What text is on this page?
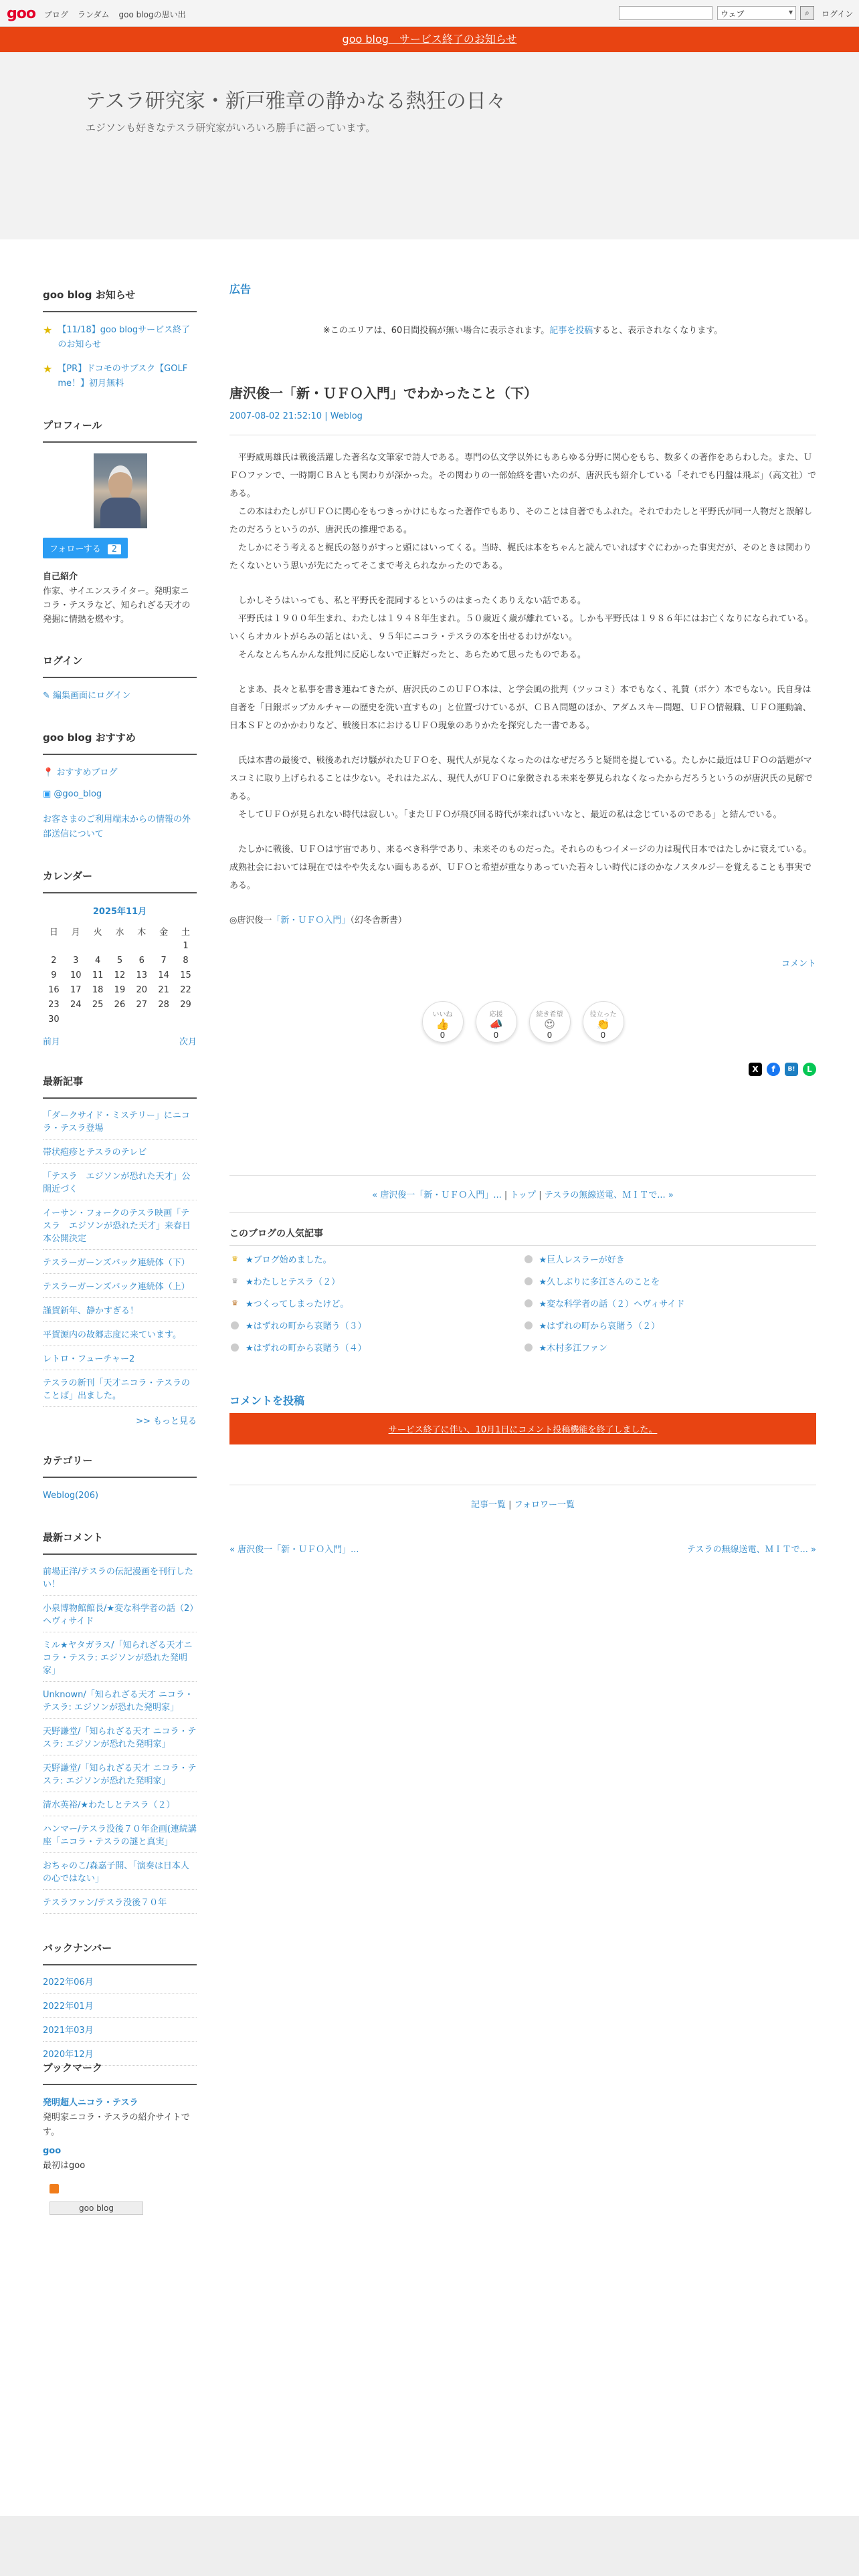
goo ブログ ランダム goo blogの思い出	ウェブ ▾	⌕	ログイン
goo blog　サービス終了のお知らせ
テスラ研究家・新戸雅章の静かなる熱狂の日々
エジソンも好きなテスラ研究家がいろいろ勝手に語っています。
goo blog お知らせ
★ 【11/18】goo blogサービス終了のお知らせ
★ 【PR】ドコモのサブスク【GOLF me！】初月無料
プロフィール
フォローする 2
自己紹介
作家、サイエンスライター。発明家ニコラ・テスラなど、知られざる天才の発掘に情熱を燃やす。
ログイン
✎ 編集画面にログイン
goo blog おすすめ
📍 おすすめブログ
▣ @goo_blog
お客さまのご利用端末からの情報の外部送信について
カレンダー
2025年11月
日	月	火	水	木	金	土
						1
2	3	4	5	6	7	8
9	10	11	12	13	14	15
16	17	18	19	20	21	22
23	24	25	26	27	28	29
30						
前月	次月
最新記事
「ダークサイド・ミステリー」にニコラ・テスラ登場
帯状疱疹とテスラのテレビ
「テスラ　エジソンが恐れた天才」公開近づく
イーサン・フォークのテスラ映画「テスラ　エジソンが恐れた天才」来春日本公開決定
テスラーガーンズバック連続体（下）
テスラーガーンズバック連続体（上）
謹賀新年、静かすぎる！
平賀源内の故郷志度に来ています。
レトロ・フューチャー2
テスラの新刊「天才ニコラ・テスラのことば」出ました。
>> もっと見る
カテゴリー
Weblog(206)
最新コメント
前場正洋/テスラの伝記漫画を刊行したい！
小泉博物館館長/★変な科学者の話（2）ヘヴィサイド
ミル★ヤタガラス/「知られざる天才ニコラ・テスラ: エジソンが恐れた発明家」
Unknown/「知られざる天才 ニコラ・テスラ: エジソンが恐れた発明家」
天野謙堂/「知られざる天才 ニコラ・テスラ: エジソンが恐れた発明家」
天野謙堂/「知られざる天才 ニコラ・テスラ: エジソンが恐れた発明家」
清水英裕/★わたしとテスラ（２）
ハンマー/テスラ没後７０年企画(連続講座「ニコラ・テスラの謎と真実」
おちゃのこ/森嘉子開、「演奏は日本人の心ではない」
テスラファン/テスラ没後７０年
バックナンバー
2022年06月
2022年01月
2021年03月
2020年12月
ブックマーク
発明超人ニコラ・テスラ
発明家ニコラ・テスラの紹介サイトです。
goo
最初はgoo
goo blog
広告
※このエリアは、60日間投稿が無い場合に表示されます。記事を投稿すると、表示されなくなります。
唐沢俊一「新・ＵＦＯ入門」でわかったこと（下）
2007-08-02 21:52:10 | Weblog

　平野威馬雄氏は戦後活躍した著名な文筆家で詩人である。専門の仏文学以外にもあらゆる分野に関心をもち、数多くの著作をあらわした。また、ＵＦＯファンで、一時期ＣＢＡとも関わりが深かった。その関わりの一部始終を書いたのが、唐沢氏も紹介している「それでも円盤は飛ぶ」（高文社）である。
　この本はわたしがＵＦＯに関心をもつきっかけにもなった著作でもあり、そのことは自著でもふれた。それでわたしと平野氏が同一人物だと誤解したのだろうというのが、唐沢氏の推理である。
　たしかにそう考えると梶氏の怒りがすっと頭にはいってくる。当時、梶氏は本をちゃんと読んでいればすぐにわかった事実だが、そのときは関わりたくないという思いが先にたってそこまで考えられなかったのである。

　しかしそうはいっても、私と平野氏を混同するというのはまったくありえない話である。
　平野氏は１９００年生まれ、わたしは１９４８年生まれ。５０歳近く歳が離れている。しかも平野氏は１９８６年にはお亡くなりになられている。いくらオカルトがらみの話とはいえ、９５年にニコラ・テスラの本を出せるわけがない。
　そんなとんちんかんな批判に反応しないで正解だったと、あらためて思ったものである。

　とまあ、長々と私事を書き連ねてきたが、唐沢氏のこのＵＦＯ本は、と学会風の批判（ツッコミ）本でもなく、礼賛（ボケ）本でもない。氏自身は自著を「日銀ポップカルチャーの歴史を洗い直すもの」と位置づけているが、ＣＢＡ問題のほか、アダムスキー問題、ＵＦＯ情報職、ＵＦＯ運動論、日本ＳＦとのかかわりなど、戦後日本におけるＵＦＯ現象のありかたを探究した一書である。

　氏は本書の最後で、戦後あれだけ騒がれたＵＦＯを、現代人が見なくなったのはなぜだろうと疑問を提している。たしかに最近はＵＦＯの話題がマスコミに取り上げられることは少ない。それはたぶん、現代人がＵＦＯに象徴される未来を夢見られなくなったからだろうというのが唐沢氏の見解である。
　そしてＵＦＯが見られない時代は寂しい。「またＵＦＯが飛び回る時代が来ればいいなと、最近の私は念じているのである」と結んでいる。

　たしかに戦後、ＵＦＯは宇宙であり、来るべき科学であり、未来そのものだった。それらのもつイメージの力は現代日本ではたしかに衰えている。成熟社会においては現在ではやや失えない面もあるが、ＵＦＯと希望が重なりあっていた若々しい時代にほのかなノスタルジーを覚えることも事実である。

◎唐沢俊一「新・ＵＦＯ入門」（幻冬舎新書）

コメント
いいね
👍
0
応援
📣
0
続き希望
😍
0
役立った
👏
0
X	f	B!	L
« 唐沢俊一「新・ＵＦＯ入門」... | トップ | テスラの無線送電、ＭＩＴで... »
このブログの人気記事
♛ ★ブログ始めました。	★巨人レスラーが好き
♛ ★わたしとテスラ（２）	★久しぶりに多江さんのことを
♛ ★つくってしまったけど。	★変な科学者の話（２）ヘヴィサイド
★はずれの町から哀賭う（３）	★はずれの町から哀賭う（２）
★はずれの町から哀賭う（４）	★木村多江ファン
コメントを投稿
サービス終了に伴い、10月1日にコメント投稿機能を終了しました。
記事一覧 | フォロワー一覧
« 唐沢俊一「新・ＵＦＯ入門」...	テスラの無線送電、ＭＩＴで... »
